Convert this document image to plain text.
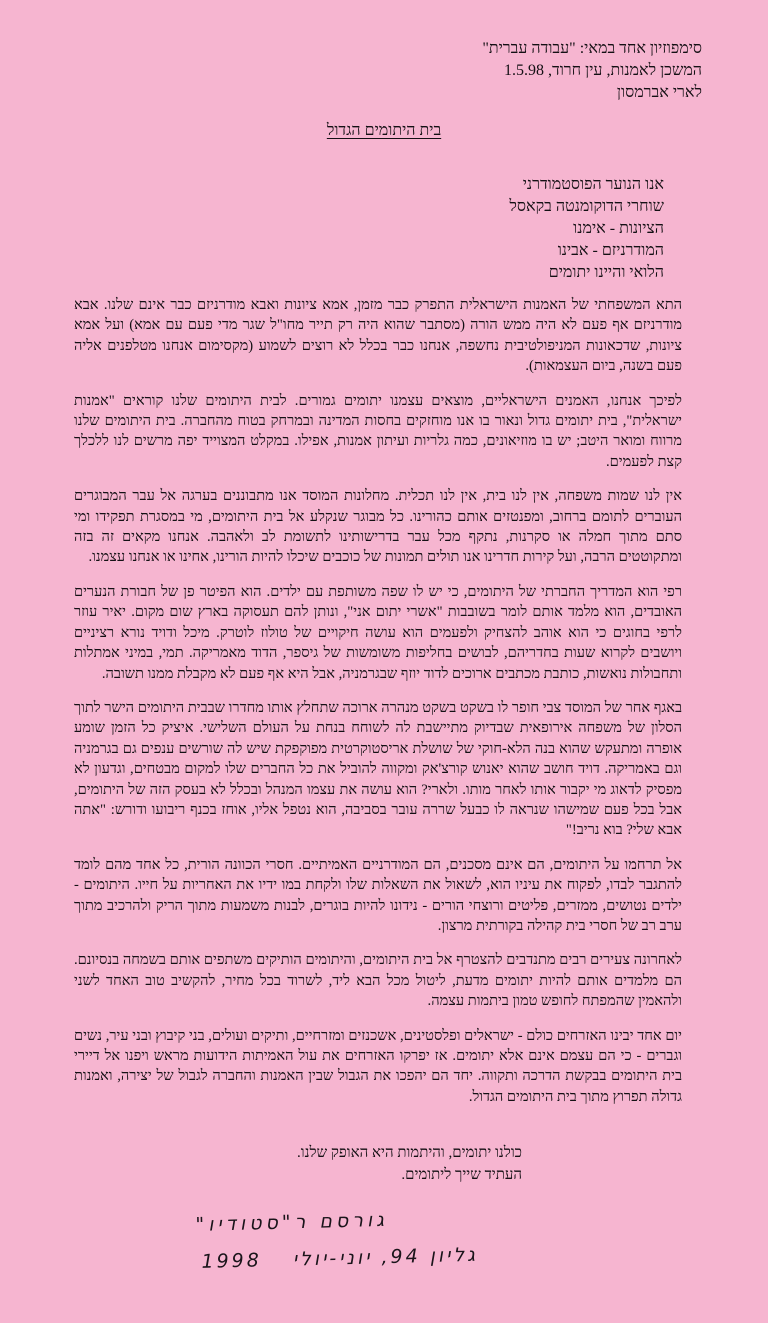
סימפוזיון אחד במאי: "עבודה עברית"
המשכן לאמנות, עין חרוד, 1.5.98
לארי אברמסון
בית היתומים הגדול
אנו הנוער הפוסטמודרני
שוחרי הדוקומנטה בקאסל
הציונות - אימנו
המודרניזם - אבינו
הלואי והיינו יתומים

התא המשפחתי של האמנות הישראלית התפרק כבר מזמן, אמא ציונות ואבא מודרניזם כבר אינם שלנו. אבא מודרניזם אף פעם לא היה ממש הורה (מסתבר שהוא היה רק תייר מחו"ל שגר מדי פעם עם אמא) ועל אמא ציונות, שדכאונות המניפולטיבית נחשפה, אנחנו כבר בכלל לא רוצים לשמוע (מקסימום אנחנו מטלפנים אליה פעם בשנה, ביום העצמאות).

לפיכך אנחנו, האמנים הישראליים, מוצאים עצמנו יתומים גמורים. לבית היתומים שלנו קוראים "אמנות ישראלית", בית יתומים גדול ונאור בו אנו מוחזקים בחסות המדינה ובמרחק בטוח מהחברה. בית היתומים שלנו מרווח ומואר היטב; יש בו מוזיאונים, כמה גלריות ועיתון אמנות, אפילו. במקלט המצוייד יפה מרשים לנו ללכלך קצת לפעמים.

אין לנו שמות משפחה, אין לנו בית, אין לנו תכלית. מחלונות המוסד אנו מתבוננים בערגה אל עבר המבוגרים העוברים לתומם ברחוב, ומפנטזים אותם כהורינו. כל מבוגר שנקלע אל בית היתומים, מי במסגרת תפקידו ומי סתם מתוך חמלה או סקרנות, נתקף מכל עבר בדרישותינו לתשומת לב ולאהבה. אנחנו מקאים זה בזה ומתקוטטים הרבה, ועל קירות חדרינו אנו תולים תמונות של כוכבים שיכלו להיות הורינו, אחינו או אנחנו עצמנו.

רפי הוא המדריך החברתי של היתומים, כי יש לו שפה משותפת עם ילדים. הוא הפיטר פן של חבורת הנערים האובדים, הוא מלמד אותם לומר בשובבות "אשרי יתום אני", ונותן להם תעסוקה בארץ שום מקום. יאיר עוזר לרפי בחוגים כי הוא אוהב להצחיק ולפעמים הוא עושה חיקויים של טולוז לוטרק. מיכל ודויד נורא רציניים ויושבים לקרוא שעות בחדריהם, לבושים בחליפות משומשות של גיספר, הדוד מאמריקה. תמי, במיני אמתלות ותחבולות נואשות, כותבת מכתבים ארוכים לדוד יוזף שבגרמניה, אבל היא אף פעם לא מקבלת ממנו תשובה.

באגף אחר של המוסד צבי חופר לו בשקט בשקט מנהרה ארוכה שתחלץ אותו מחדרו שבבית היתומים הישר לתוך הסלון של משפחה אירופאית שבדיוק מתיישבת לה לשוחח בנחת על העולם השלישי. איציק כל הזמן שומע אופרה ומתעקש שהוא בנה הלא-חוקי של שושלת אריסטוקרטית מפוקפקת שיש לה שורשים ענפים גם בגרמניה וגם באמריקה. דויד חושב שהוא יאנוש קורצ'אק ומקווה להוביל את כל החברים שלו למקום מבטחים, וגדעון לא מפסיק לדאוג מי יקבור אותו לאחר מותו. ולארי? הוא עושה את עצמו המנהל ובכלל לא בעסק הזה של היתומים, אבל בכל פעם שמישהו שנראה לו כבעל שררה עובר בסביבה, הוא נטפל אליו, אוחז בכנף ריבועו ודורש: "אתה אבא שלי? בוא נריב!"

אל תרחמו על היתומים, הם אינם מסכנים, הם המודרניים האמיתיים. חסרי הכוונה הורית, כל אחד מהם לומד להתגבר לבדו, לפקוח את עיניו הוא, לשאול את השאלות שלו ולקחת במו ידיו את האחריות על חייו. היתומים - ילדים נטושים, ממזרים, פליטים ורוצחי הורים - נידונו להיות בוגרים, לבנות משמעות מתוך הריק ולהרכיב מתוך ערב רב של חסרי בית קהילה בקורתית מרצון.

לאחרונה צעירים רבים מתנדבים להצטרף אל בית היתומים, והיתומים הותיקים משתפים אותם בשמחה בנסיונם. הם מלמדים אותם להיות יתומים מדעת, ליטול מכל הבא ליד, לשרוד בכל מחיר, להקשיב טוב האחד לשני ולהאמין שהמפתח לחופש טמון ביתמות עצמה.

יום אחד יבינו האזרחים כולם - ישראלים ופלסטינים, אשכנזים ומזרחיים, ותיקים ועולים, בני קיבוץ ובני עיר, נשים וגברים - כי הם עצמם אינם אלא יתומים. אז יפרקו האזרחים את עול האמיתות הידועות מראש ויפנו אל דיירי בית היתומים בבקשת הדרכה ותקווה. יחד הם יהפכו את הגבול שבין האמנות והחברה לגבול של יצירה, ואמנות גדולה תפרוץ מתוך בית היתומים הגדול.

כולנו יתומים, והיתמות היא האופק שלנו.
העתיד שייך ליתומים.
גורסם ר"סטודיו"
גליון 94, יוני-יולי 1998
